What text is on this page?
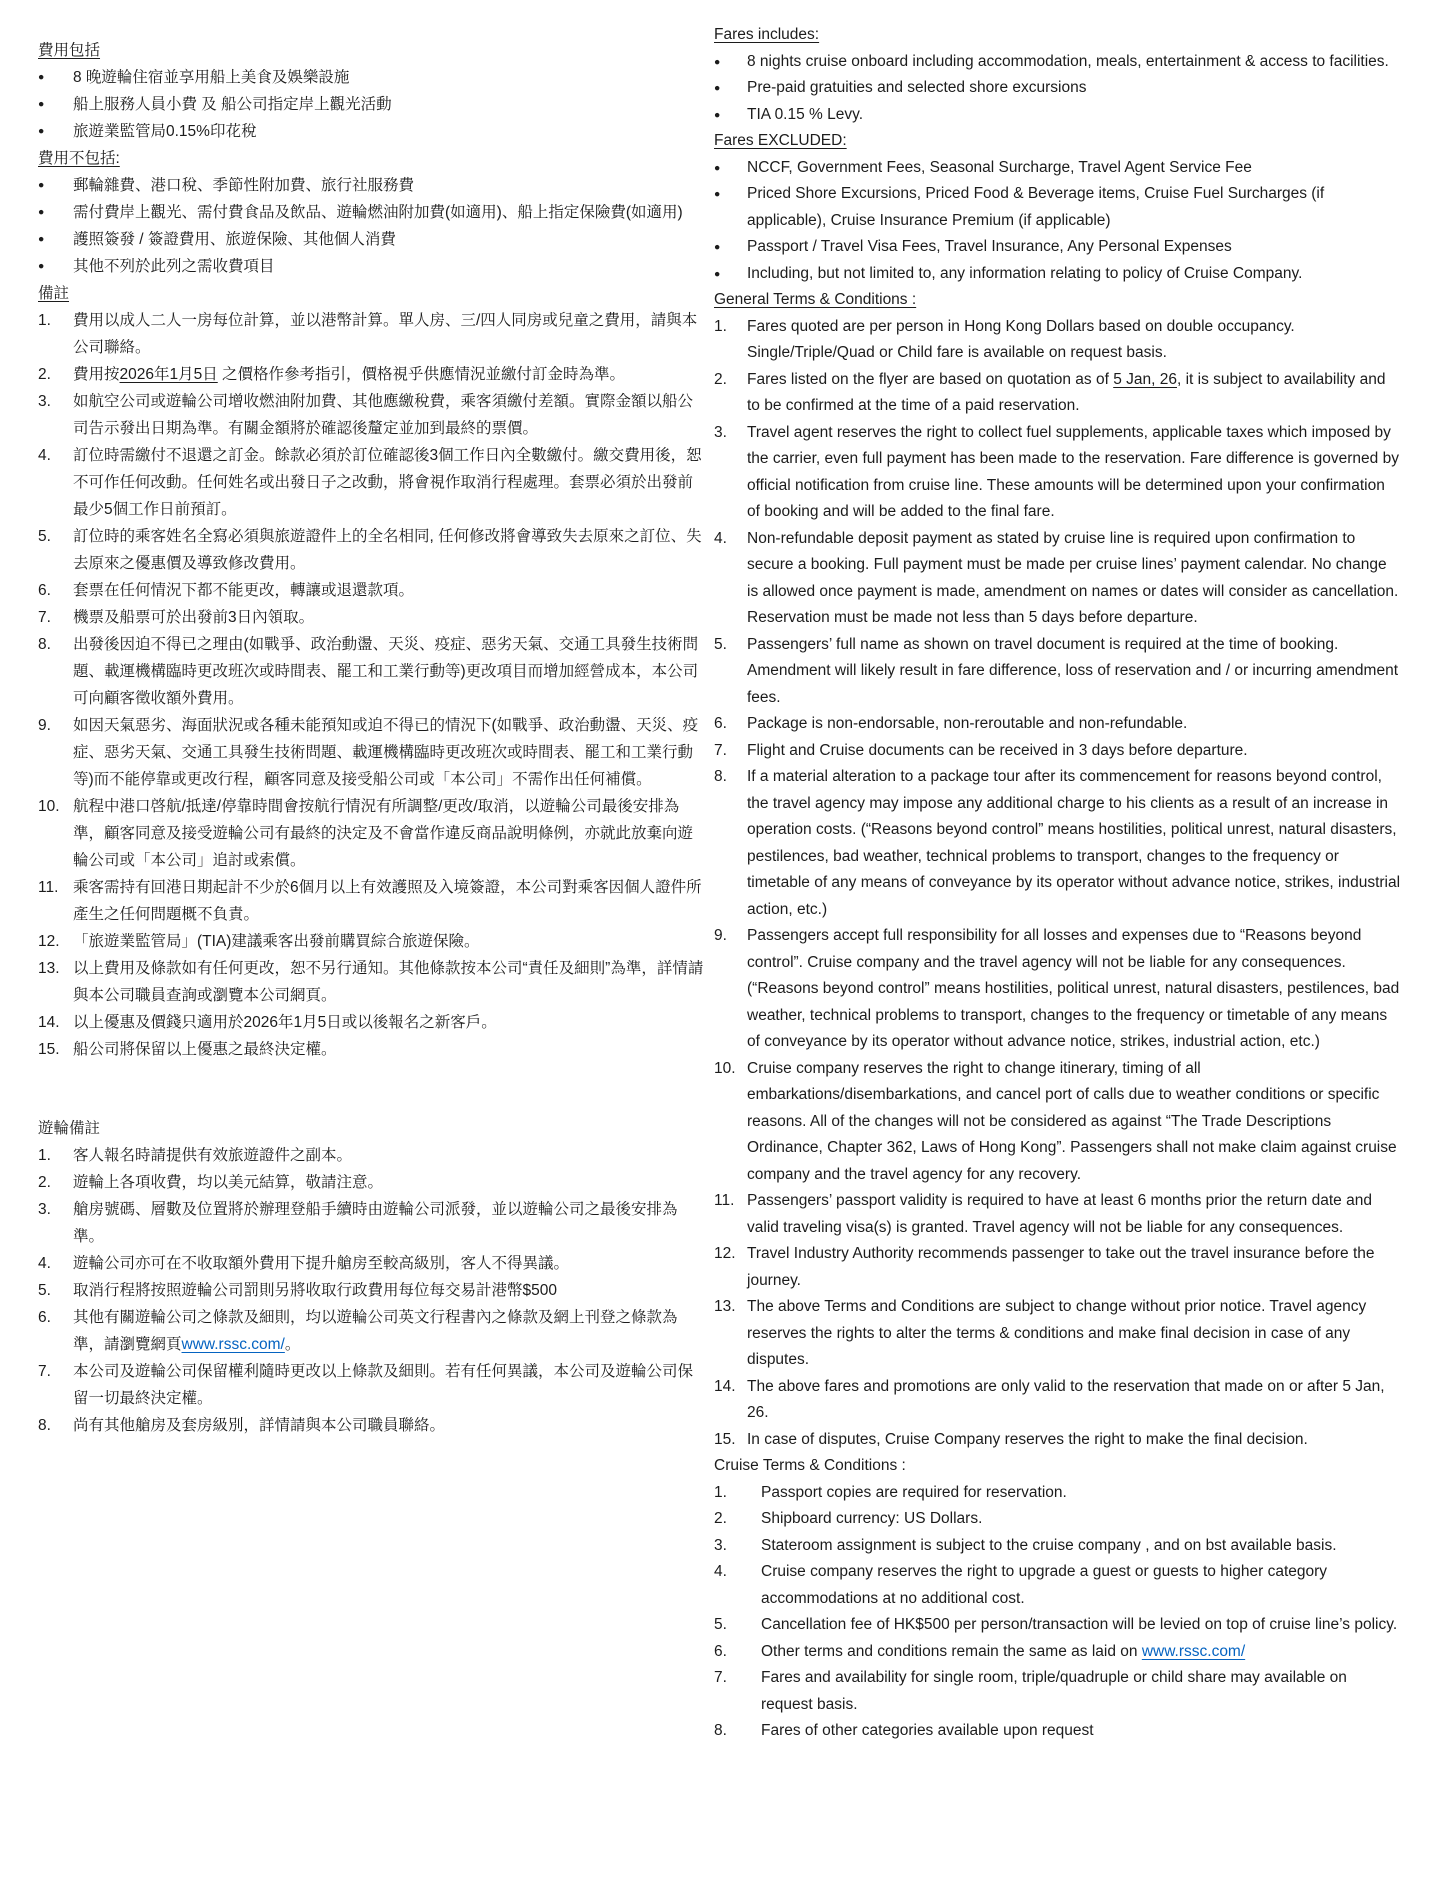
費用包括
●	8 晚遊輪住宿並享用船上美食及娛樂設施
●	船上服務人員小費 及 船公司指定岸上觀光活動
●	旅遊業監管局0.15%印花稅
費用不包括:
●	郵輪雜費、港口稅、季節性附加費、旅行社服務費
●	需付費岸上觀光、需付費食品及飲品、遊輪燃油附加費(如適用)、船上指定保險費(如適用)
●	護照簽發 / 簽證費用、旅遊保險、其他個人消費
●	其他不列於此列之需收費項目
備註
1.	費用以成人二人一房每位計算，並以港幣計算。單人房、三/四人同房或兒童之費用，請與本公司聯絡。
2.	費用按2026年1月5日 之價格作參考指引，價格視乎供應情況並繳付訂金時為準。
3.	如航空公司或遊輪公司增收燃油附加費、其他應繳稅費，乘客須繳付差額。實際金額以船公司告示發出日期為準。有關金額將於確認後釐定並加到最終的票價。
4.	訂位時需繳付不退還之訂金。餘款必須於訂位確認後3個工作日內全數繳付。繳交費用後，恕不可作任何改動。任何姓名或出發日子之改動，將會視作取消行程處理。套票必須於出發前最少5個工作日前預訂。
5.	訂位時的乘客姓名全寫必須與旅遊證件上的全名相同, 任何修改將會導致失去原來之訂位、失去原來之優惠價及導致修改費用。
6.	套票在任何情況下都不能更改，轉讓或退還款項。
7.	機票及船票可於出發前3日內領取。
8.	出發後因迫不得已之理由(如戰爭、政治動盪、天災、疫症、惡劣天氣、交通工具發生技術問題、載運機構臨時更改班次或時間表、罷工和工業行動等)更改項目而增加經營成本，本公司可向顧客徵收額外費用。
9.	如因天氣惡劣、海面狀況或各種未能預知或迫不得已的情況下(如戰爭、政治動盪、天災、疫症、惡劣天氣、交通工具發生技術問題、載運機構臨時更改班次或時間表、罷工和工業行動等)而不能停靠或更改行程，顧客同意及接受船公司或「本公司」不需作出任何補償。
10. 航程中港口啓航/抵達/停靠時間會按航行情況有所調整/更改/取消，以遊輪公司最後安排為準，顧客同意及接受遊輪公司有最終的決定及不會當作違反商品說明條例，亦就此放棄向遊輪公司或「本公司」追討或索償。
11. 乘客需持有回港日期起計不少於6個月以上有效護照及入境簽證，本公司對乘客因個人證件所產生之任何問題概不負責。
12. 「旅遊業監管局」(TIA)建議乘客出發前購買綜合旅遊保險。
13. 以上費用及條款如有任何更改，恕不另行通知。其他條款按本公司“責任及細則”為準，詳情請與本公司職員查詢或瀏覽本公司網頁。
14. 以上優惠及價錢只適用於2026年1月5日或以後報名之新客戶。
15. 船公司將保留以上優惠之最終決定權。
遊輪備註
1.	客人報名時請提供有效旅遊證件之副本。
2.	遊輪上各項收費，均以美元結算，敬請注意。
3.	艙房號碼、層數及位置將於辦理登船手續時由遊輪公司派發，並以遊輪公司之最後安排為準。
4.	遊輪公司亦可在不收取額外費用下提升艙房至較高級別，客人不得異議。
5.	取消行程將按照遊輪公司罰則另將收取行政費用每位每交易計港幣$500
6.	其他有關遊輪公司之條款及細則，均以遊輪公司英文行程書內之條款及網上刊登之條款為準，請瀏覽網頁www.rssc.com/。
7.	本公司及遊輪公司保留權利隨時更改以上條款及細則。若有任何異議，本公司及遊輪公司保留一切最終決定權。
8.	尚有其他艙房及套房級別，詳情請與本公司職員聯絡。
Fares includes:
●	8 nights cruise onboard including accommodation, meals, entertainment & access to facilities.
●	Pre-paid gratuities and selected shore excursions
●	TIA 0.15 % Levy.
Fares EXCLUDED:
●	NCCF, Government Fees, Seasonal Surcharge, Travel Agent Service Fee
●	Priced Shore Excursions, Priced Food & Beverage items, Cruise Fuel Surcharges (if applicable), Cruise Insurance Premium (if applicable)
●	Passport / Travel Visa Fees, Travel Insurance, Any Personal Expenses
●	Including, but not limited to, any information relating to policy of Cruise Company.
General Terms & Conditions :
1.	Fares quoted are per person in Hong Kong Dollars based on double occupancy. Single/Triple/Quad or Child fare is available on request basis.
2.	Fares listed on the flyer are based on quotation as of 5 Jan, 26, it is subject to availability and to be confirmed at the time of a paid reservation.
3.	Travel agent reserves the right to collect fuel supplements, applicable taxes which imposed by the carrier, even full payment has been made to the reservation. Fare difference is governed by official notification from cruise line. These amounts will be determined upon your confirmation of booking and will be added to the final fare.
4.	Non-refundable deposit payment as stated by cruise line is required upon confirmation to secure a booking. Full payment must be made per cruise lines’ payment calendar. No change is allowed once payment is made, amendment on names or dates will consider as cancellation. Reservation must be made not less than 5 days before departure.
5.	Passengers’ full name as shown on travel document is required at the time of booking. Amendment will likely result in fare difference, loss of reservation and / or incurring amendment fees.
6.	Package is non-endorsable, non-reroutable and non-refundable.
7.	Flight and Cruise documents can be received in 3 days before departure.
8.	If a material alteration to a package tour after its commencement for reasons beyond control, the travel agency may impose any additional charge to his clients as a result of an increase in operation costs. (“Reasons beyond control” means hostilities, political unrest, natural disasters, pestilences, bad weather, technical problems to transport, changes to the frequency or timetable of any means of conveyance by its operator without advance notice, strikes, industrial action, etc.)
9.	Passengers accept full responsibility for all losses and expenses due to “Reasons beyond control”. Cruise company and the travel agency will not be liable for any consequences. (“Reasons beyond control” means hostilities, political unrest, natural disasters, pestilences, bad weather, technical problems to transport, changes to the frequency or timetable of any means of conveyance by its operator without advance notice, strikes, industrial action, etc.)
10. Cruise company reserves the right to change itinerary, timing of all embarkations/disembarkations, and cancel port of calls due to weather conditions or specific reasons. All of the changes will not be considered as against “The Trade Descriptions Ordinance, Chapter 362, Laws of Hong Kong”. Passengers shall not make claim against cruise company and the travel agency for any recovery.
11. Passengers’ passport validity is required to have at least 6 months prior the return date and valid traveling visa(s) is granted. Travel agency will not be liable for any consequences.
12. Travel Industry Authority recommends passenger to take out the travel insurance before the journey.
13. The above Terms and Conditions are subject to change without prior notice. Travel agency reserves the rights to alter the terms & conditions and make final decision in case of any disputes.
14. The above fares and promotions are only valid to the reservation that made on or after 5 Jan, 26.
15. In case of disputes, Cruise Company reserves the right to make the final decision.
Cruise Terms & Conditions :
1.	Passport copies are required for reservation.
2.	Shipboard currency: US Dollars.
3.	Stateroom assignment is subject to the cruise company , and on bst available basis.
4.	Cruise company reserves the right to upgrade a guest or guests to higher category accommodations at no additional cost.
5.	Cancellation fee of HK$500 per person/transaction will be levied on top of cruise line’s policy.
6.	Other terms and conditions remain the same as laid on www.rssc.com/
7.	Fares and availability for single room, triple/quadruple or child share may available on request basis.
8.	Fares of other categories available upon request
